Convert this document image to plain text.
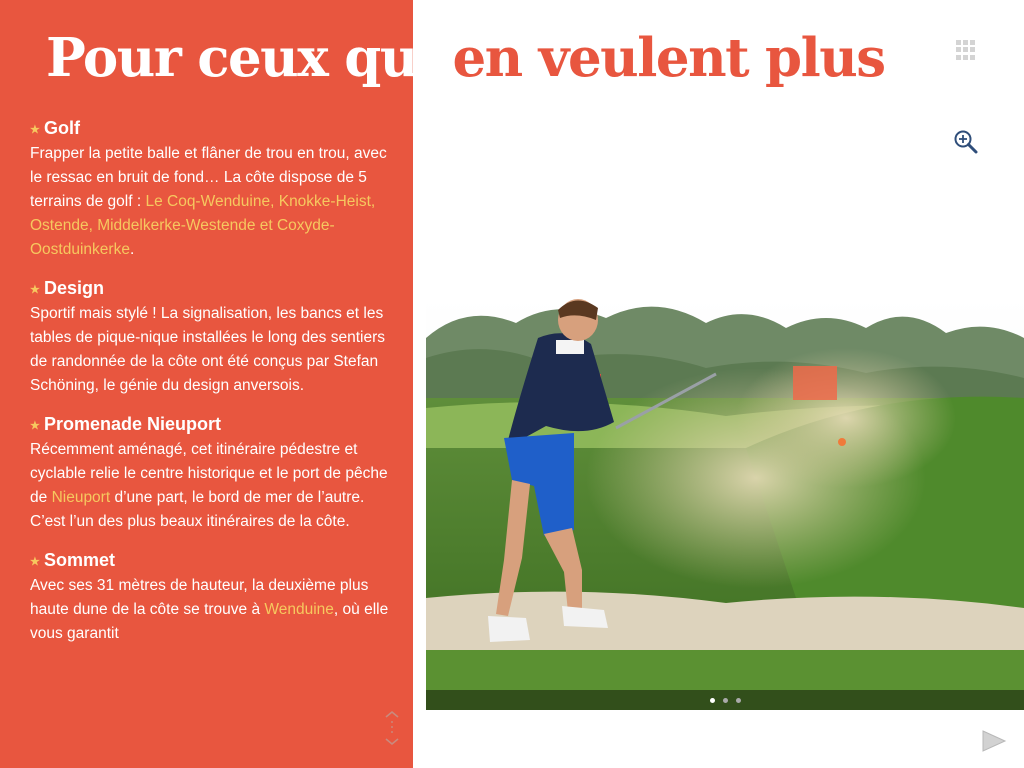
★ Golf

Frapper la petite balle et flâner de trou en trou, avec le ressac en bruit de fond… La côte dispose de 5 terrains de golf : Le Coq-Wenduine, Knokke-Heist, Ostende, Middelkerke-Westende et Coxyde-Oostduinkerke.

★ Design

Sportif mais stylé ! La signalisation, les bancs et les tables de pique-nique installées le long des sentiers de randonnée de la côte ont été conçus par Stefan Schöning, le génie du design anversois.

★ Promenade Nieuport

Récemment aménagé, cet itinéraire pédestre et cyclable relie le centre historique et le port de pêche de Nieuport d’une part, le bord de mer de l’autre. C’est l’un des plus beaux itinéraires de la côte.

★ Sommet

Avec ses 31 mètres de hauteur, la deuxième plus haute dune de la côte se trouve à Wenduine, où elle vous garantit

Pour ceux qui en veulent plus
